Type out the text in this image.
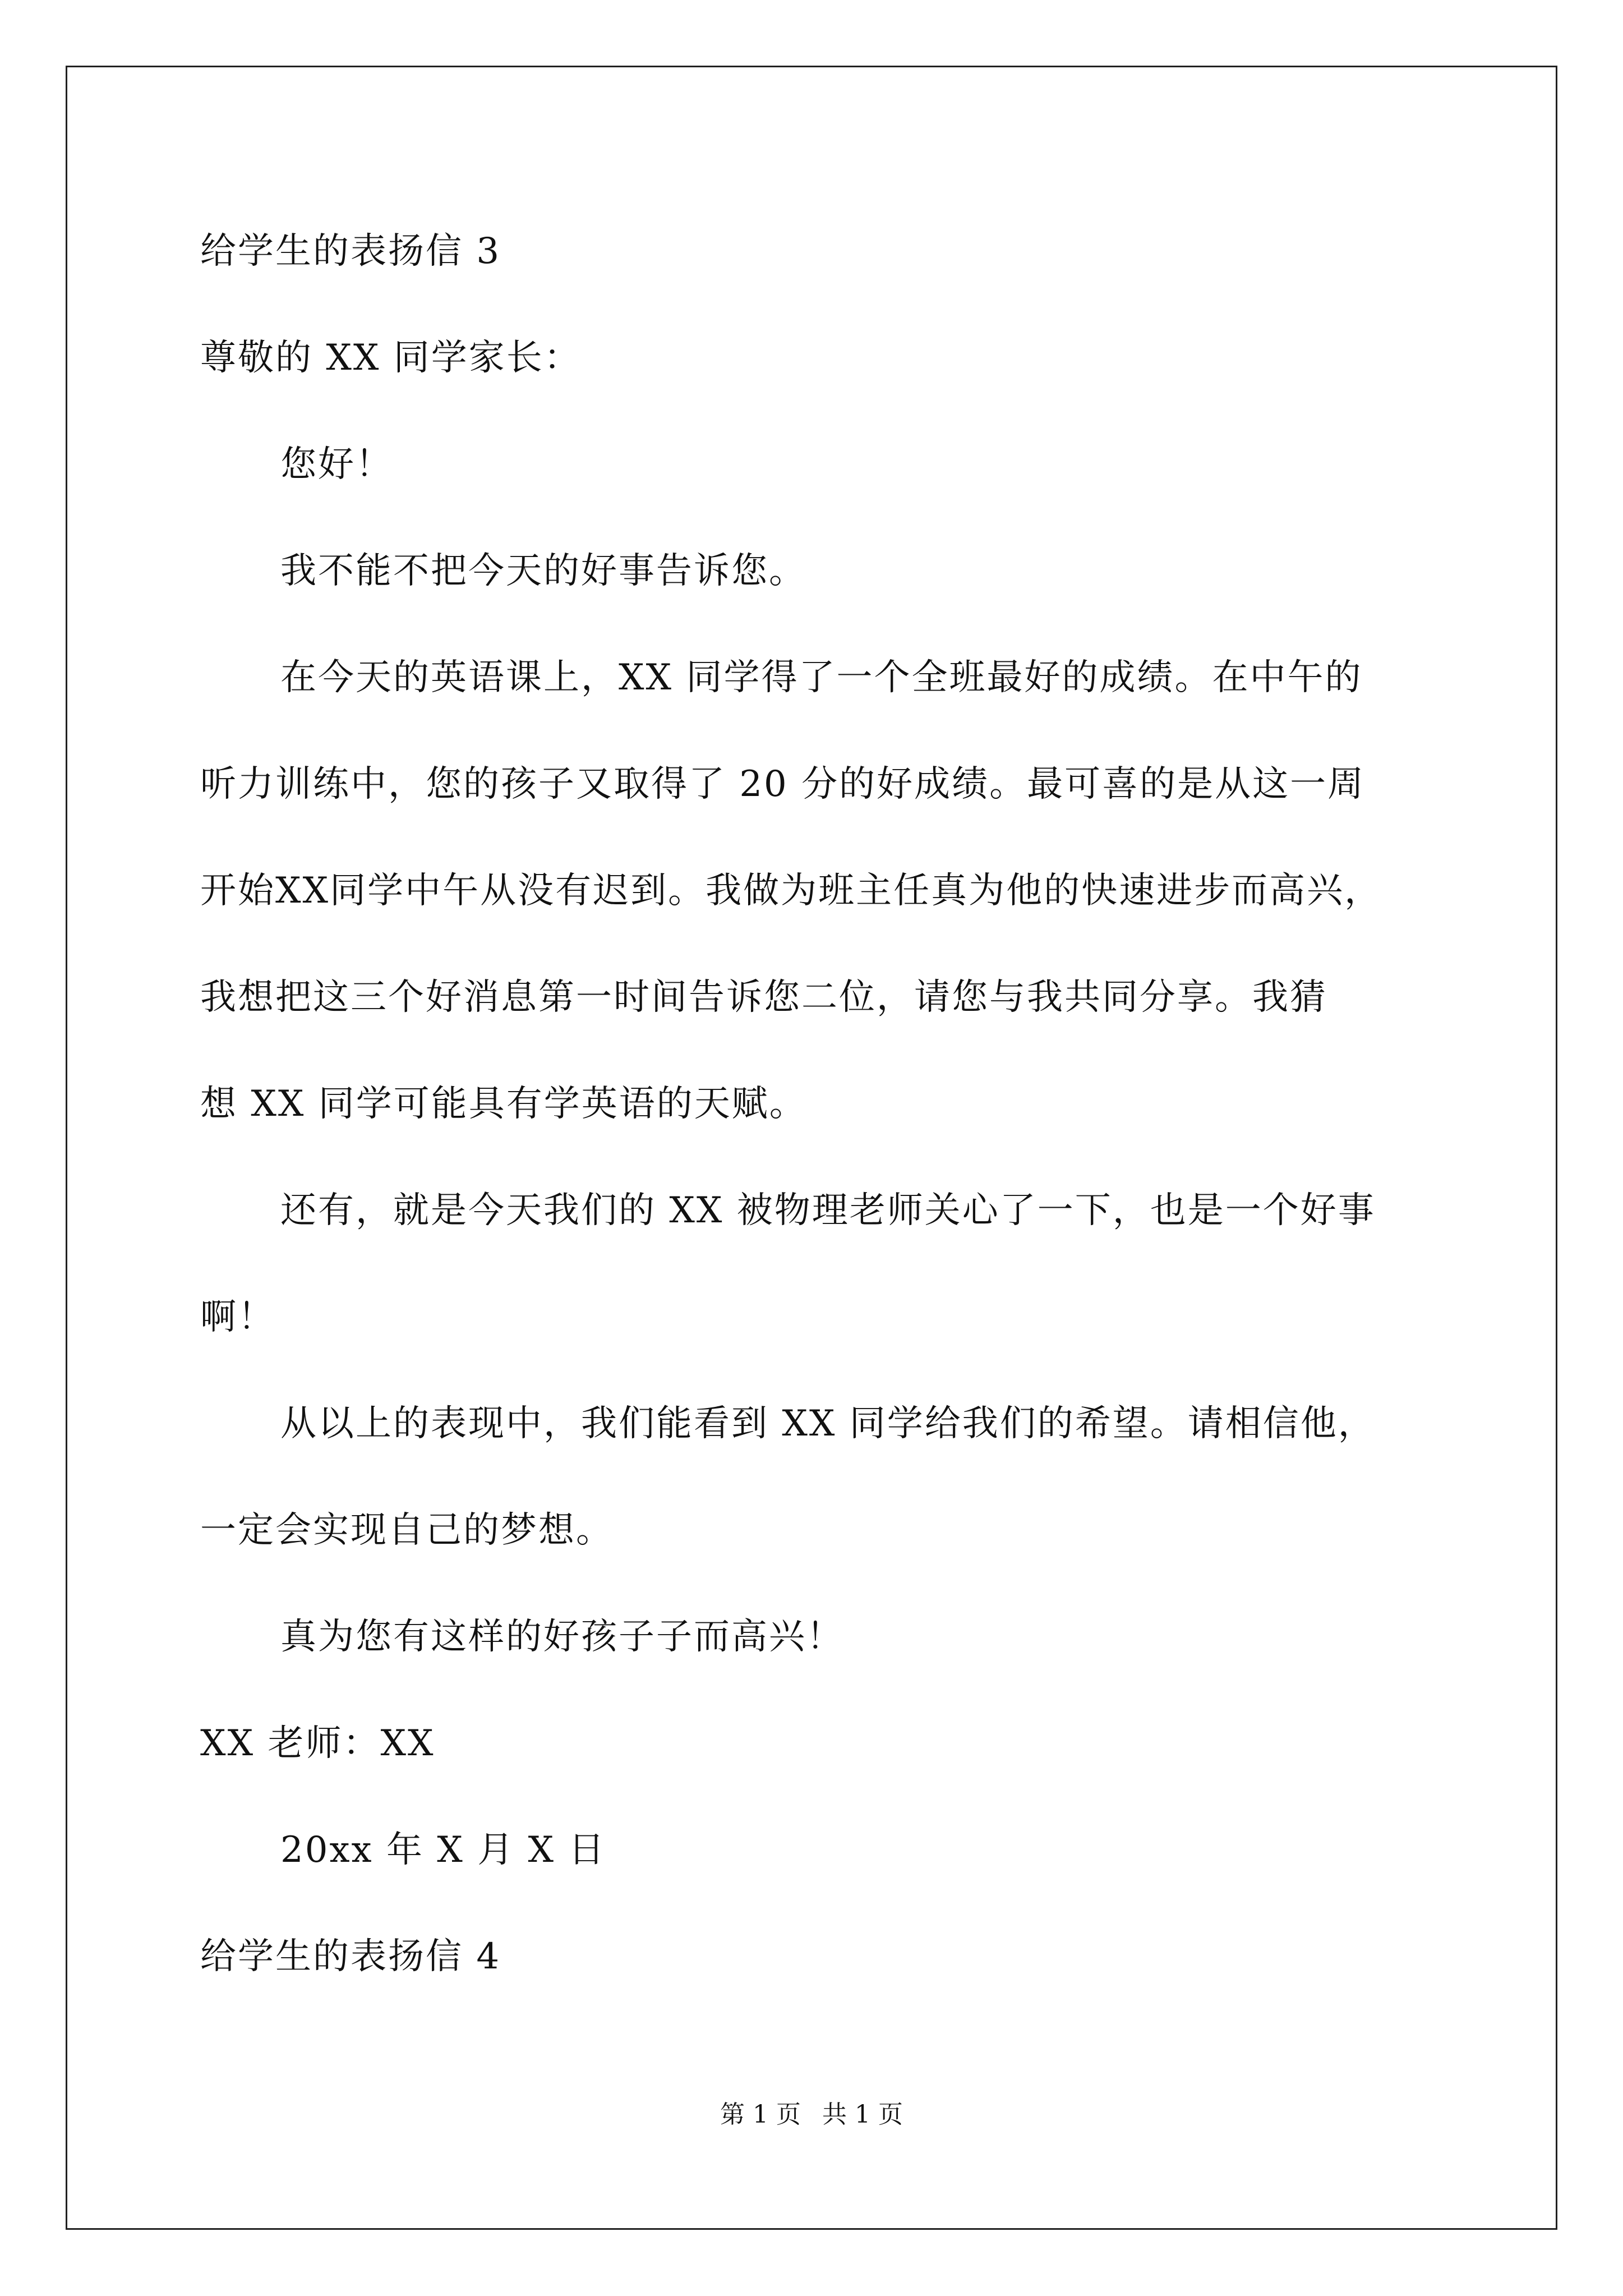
给学生的表扬信 3
尊敬的 XX 同学家长：
您好！
我不能不把今天的好事告诉您。
在今天的英语课上，XX 同学得了一个全班最好的成绩。在中午的
听力训练中，您的孩子又取得了 20 分的好成绩。最可喜的是从这一周
开始XX同学中午从没有迟到。我做为班主任真为他的快速进步而高兴，
我想把这三个好消息第一时间告诉您二位，请您与我共同分享。我猜
想 XX 同学可能具有学英语的天赋。
还有，就是今天我们的 XX 被物理老师关心了一下，也是一个好事
啊！
从以上的表现中，我们能看到 XX 同学给我们的希望。请相信他，
一定会实现自己的梦想。
真为您有这样的好孩子子而高兴！
XX 老师：XX
20xx 年 X 月 X 日
给学生的表扬信 4
第 1 页 共 1 页
